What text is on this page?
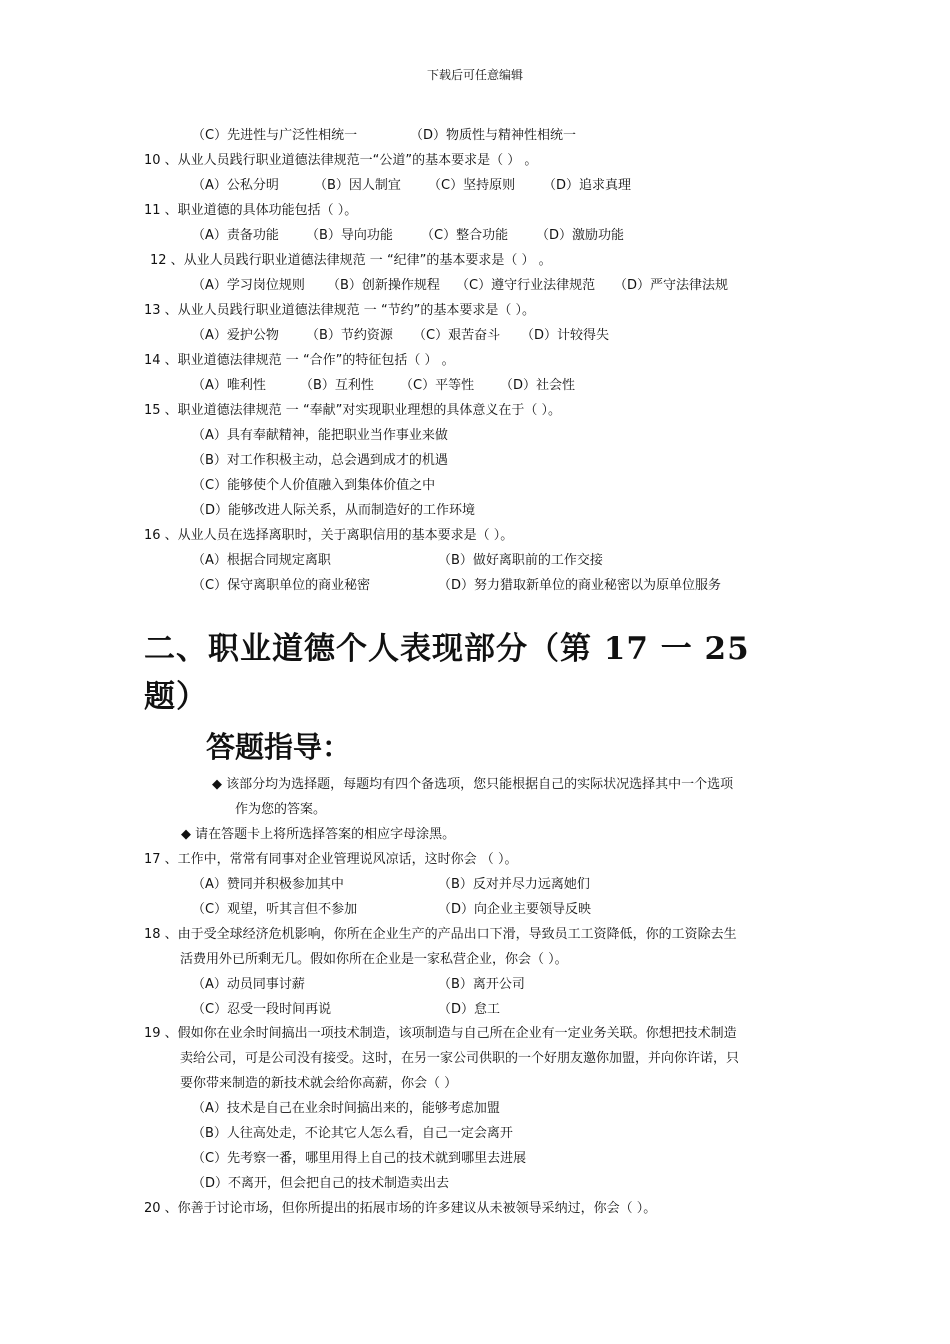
下载后可任意编辑
（C）先进性与广泛性相统一	（D）物质性与精神性相统一
10 、从业人员践行职业道德法律规范一“公道”的基本要求是（ ） 。
（A）公私分明	（B）因人制宜 （C）坚持原则 （D）追求真理
11 、职业道德的具体功能包括（ ）。
（A）责备功能 （B）导向功能 （C）整合功能 （D）激励功能
12 、从业人员践行职业道德法律规范 一 “纪律”的基本要求是（ ） 。
（A）学习岗位规则 （B）创新操作规程 （C）遵守行业法律规范 （D）严守法律法规
13 、从业人员践行职业道德法律规范 一 “节约”的基本要求是（ ）。
（A）爱护公物 （B）节约资源 （C）艰苦奋斗 （D）计较得失
14 、职业道德法律规范 一 “合作”的特征包括（ ） 。
（A）唯利性	（B）互利性 （C）平等性 （D）社会性
15 、职业道德法律规范 一 “奉献”对实现职业理想的具体意义在于（ ）。
（A）具有奉献精神，能把职业当作事业来做
（B）对工作积极主动，总会遇到成才的机遇
（C）能够使个人价值融入到集体价值之中
（D）能够改进人际关系，从而制造好的工作环境
16 、从业人员在选择离职时，关于离职信用的基本要求是（ ）。
（A）根据合同规定离职	（B）做好离职前的工作交接
（C）保守离职单位的商业秘密	（D）努力猎取新单位的商业秘密以为原单位服务
二、职业道德个人表现部分（第 17 一 25
题）
答题指导：
◆ 该部分均为选择题，每题均有四个备选项，您只能根据自己的实际状况选择其中一个选项
作为您的答案。
◆ 请在答题卡上将所选择答案的相应字母涂黑。
17 、工作中，常常有同事对企业管理说风凉话，这时你会 （ ）。
（A）赞同并积极参加其中	（B）反对并尽力远离她们
（C）观望，听其言但不参加	（D）向企业主要领导反映
18 、由于受全球经济危机影响，你所在企业生产的产品出口下滑，导致员工工资降低，你的工资除去生
活费用外已所剩无几。假如你所在企业是一家私营企业，你会（ ）。
（A）动员同事讨薪	（B）离开公司
（C）忍受一段时间再说	（D）怠工
19 、假如你在业余时间搞出一项技术制造，该项制造与自己所在企业有一定业务关联。你想把技术制造
卖给公司，可是公司没有接受。这时，在另一家公司供职的一个好朋友邀你加盟，并向你许诺，只
要你带来制造的新技术就会给你高薪，你会（ ）
（A）技术是自己在业余时间搞出来的，能够考虑加盟
（B）人往高处走，不论其它人怎么看，自己一定会离开
（C）先考察一番，哪里用得上自己的技术就到哪里去进展
（D）不离开，但会把自己的技术制造卖出去
20 、你善于讨论市场，但你所提出的拓展市场的许多建议从未被领导采纳过，你会（ ）。
